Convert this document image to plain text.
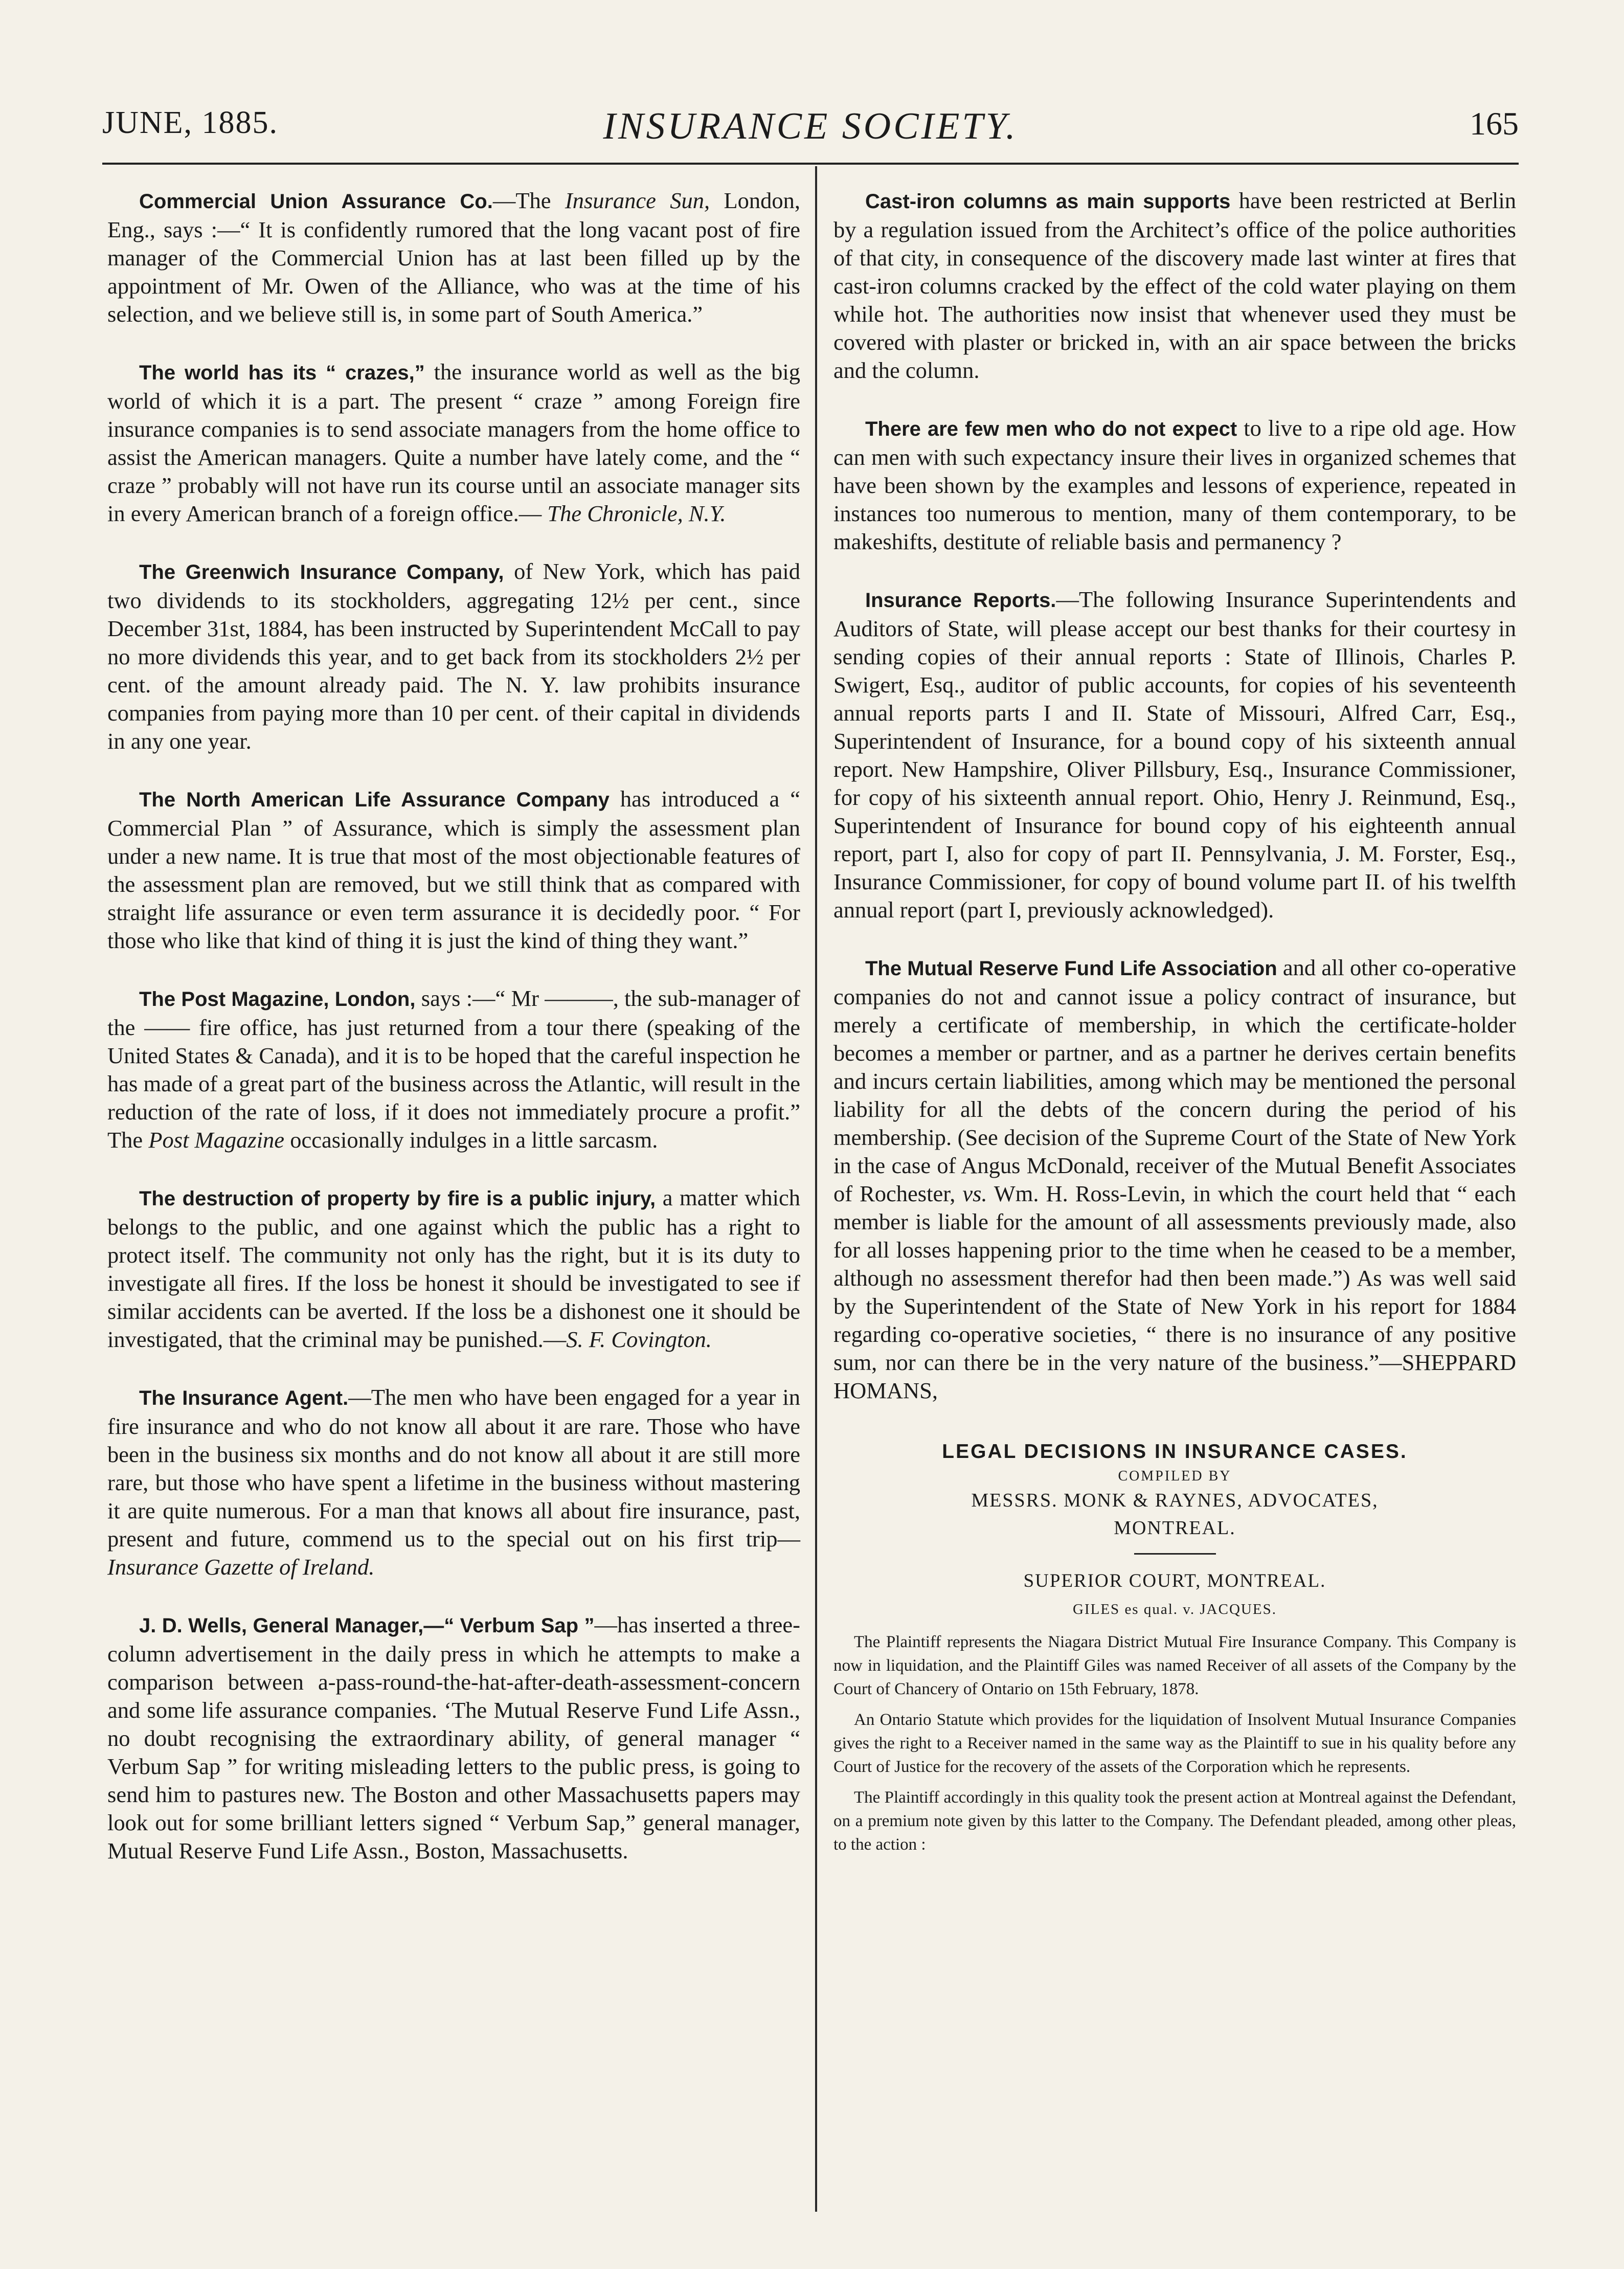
JUNE, 1885.	INSURANCE SOCIETY.	165

Commercial Union Assurance Co.—The Insurance Sun, London, Eng., says :—“ It is confidently rumored that the long vacant post of fire manager of the Commercial Union has at last been filled up by the appointment of Mr. Owen of the Alliance, who was at the time of his selection, and we believe still is, in some part of South America.”

The world has its “ crazes,” the insurance world as well as the big world of which it is a part. The present “ craze ” among Foreign fire insurance companies is to send associate managers from the home office to assist the American managers. Quite a number have lately come, and the “ craze ” probably will not have run its course until an associate manager sits in every American branch of a foreign office.— The Chronicle, N.Y.

The Greenwich Insurance Company, of New York, which has paid two dividends to its stockholders, aggregating 12½ per cent., since December 31st, 1884, has been instructed by Superintendent McCall to pay no more dividends this year, and to get back from its stockholders 2½ per cent. of the amount already paid. The N. Y. law prohibits insurance companies from paying more than 10 per cent. of their capital in dividends in any one year.

The North American Life Assurance Company has introduced a “ Commercial Plan ” of Assurance, which is simply the assessment plan under a new name. It is true that most of the most objectionable features of the assessment plan are removed, but we still think that as compared with straight life assurance or even term assurance it is decidedly poor. “ For those who like that kind of thing it is just the kind of thing they want.”

The Post Magazine, London, says :—“ Mr ———, the sub-manager of the —— fire office, has just returned from a tour there (speaking of the United States & Canada), and it is to be hoped that the careful inspection he has made of a great part of the business across the Atlantic, will result in the reduction of the rate of loss, if it does not immediately procure a profit.” The Post Magazine occasionally indulges in a little sarcasm.

The destruction of property by fire is a public injury, a matter which belongs to the public, and one against which the public has a right to protect itself. The community not only has the right, but it is its duty to investigate all fires. If the loss be honest it should be investigated to see if similar accidents can be averted. If the loss be a dishonest one it should be investigated, that the criminal may be punished.—S. F. Covington.

The Insurance Agent.—The men who have been engaged for a year in fire insurance and who do not know all about it are rare. Those who have been in the business six months and do not know all about it are still more rare, but those who have spent a lifetime in the business without mastering it are quite numerous. For a man that knows all about fire insurance, past, present and future, commend us to the special out on his first trip—Insurance Gazette of Ireland.

J. D. Wells, General Manager,—“ Verbum Sap ”—has inserted a three-column advertisement in the daily press in which he attempts to make a comparison between a-pass-round-the-hat-after-death-assessment-concern and some life assurance companies. ‘The Mutual Reserve Fund Life Assn., no doubt recognising the extraordinary ability, of general manager “ Verbum Sap ” for writing misleading letters to the public press, is going to send him to pastures new. The Boston and other Massachusetts papers may look out for some brilliant letters signed “ Verbum Sap,” general manager, Mutual Reserve Fund Life Assn., Boston, Massachusetts.

Cast-iron columns as main supports have been restricted at Berlin by a regulation issued from the Architect’s office of the police authorities of that city, in consequence of the discovery made last winter at fires that cast-iron columns cracked by the effect of the cold water playing on them while hot. The authorities now insist that whenever used they must be covered with plaster or bricked in, with an air space between the bricks and the column.

There are few men who do not expect to live to a ripe old age. How can men with such expectancy insure their lives in organized schemes that have been shown by the examples and lessons of experience, repeated in instances too numerous to mention, many of them contemporary, to be makeshifts, destitute of reliable basis and permanency ?

Insurance Reports.—The following Insurance Superintendents and Auditors of State, will please accept our best thanks for their courtesy in sending copies of their annual reports : State of Illinois, Charles P. Swigert, Esq., auditor of public accounts, for copies of his seventeenth annual reports parts I and II. State of Missouri, Alfred Carr, Esq., Superintendent of Insurance, for a bound copy of his sixteenth annual report. New Hampshire, Oliver Pillsbury, Esq., Insurance Commissioner, for copy of his sixteenth annual report. Ohio, Henry J. Reinmund, Esq., Superintendent of Insurance for bound copy of his eighteenth annual report, part I, also for copy of part II. Pennsylvania, J. M. Forster, Esq., Insurance Commissioner, for copy of bound volume part II. of his twelfth annual report (part I, previously acknowledged).

The Mutual Reserve Fund Life Association and all other co-operative companies do not and cannot issue a policy contract of insurance, but merely a certificate of membership, in which the certificate-holder becomes a member or partner, and as a partner he derives certain benefits and incurs certain liabilities, among which may be mentioned the personal liability for all the debts of the concern during the period of his membership. (See decision of the Supreme Court of the State of New York in the case of Angus McDonald, receiver of the Mutual Benefit Associates of Rochester, vs. Wm. H. Ross-Levin, in which the court held that “ each member is liable for the amount of all assessments previously made, also for all losses happening prior to the time when he ceased to be a member, although no assessment therefor had then been made.”) As was well said by the Superintendent of the State of New York in his report for 1884 regarding co-operative societies, “ there is no insurance of any positive sum, nor can there be in the very nature of the business.”—SHEPPARD HOMANS,

LEGAL DECISIONS IN INSURANCE CASES.

COMPILED BY

MESSRS. MONK & RAYNES, ADVOCATES,

MONTREAL.

SUPERIOR COURT, MONTREAL.

GILES es qual. v. JACQUES.

The Plaintiff represents the Niagara District Mutual Fire Insurance Company. This Company is now in liquidation, and the Plaintiff Giles was named Receiver of all assets of the Company by the Court of Chancery of Ontario on 15th February, 1878.

An Ontario Statute which provides for the liquidation of Insolvent Mutual Insurance Companies gives the right to a Receiver named in the same way as the Plaintiff to sue in his quality before any Court of Justice for the recovery of the assets of the Corporation which he represents.

The Plaintiff accordingly in this quality took the present action at Montreal against the Defendant, on a premium note given by this latter to the Company. The Defendant pleaded, among other pleas, to the action :
